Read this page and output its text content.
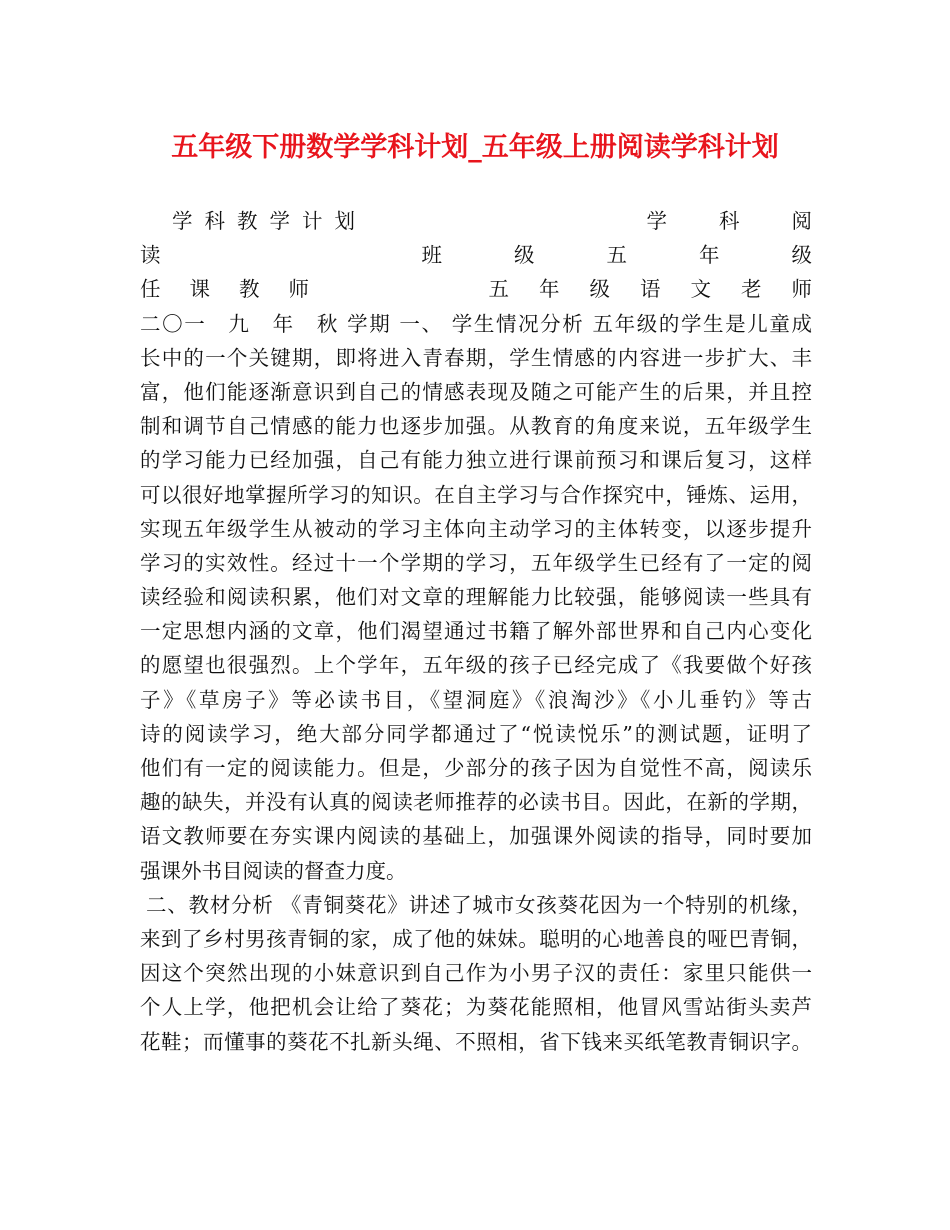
五年级下册数学学科计划_五年级上册阅读学科计划
学科教学计划	学科阅
读	班级五年级
任课教师	五年级语文老师
二〇一　九　年　秋 学期 一、 学生情况分析 五年级的学生是儿童成
长中的一个关键期，即将进入青春期，学生情感的内容进一步扩大、丰
富，他们能逐渐意识到自己的情感表现及随之可能产生的后果，并且控
制和调节自己情感的能力也逐步加强。从教育的角度来说，五年级学生
的学习能力已经加强，自己有能力独立进行课前预习和课后复习，这样
可以很好地掌握所学习的知识。在自主学习与合作探究中，锤炼、运用，
实现五年级学生从被动的学习主体向主动学习的主体转变，以逐步提升
学习的实效性。经过十一个学期的学习，五年级学生已经有了一定的阅
读经验和阅读积累，他们对文章的理解能力比较强，能够阅读一些具有
一定思想内涵的文章，他们渴望通过书籍了解外部世界和自己内心变化
的愿望也很强烈。上个学年，五年级的孩子已经完成了《我要做个好孩
子》《草房子》等必读书目，《望洞庭》《浪淘沙》《小儿垂钓》等古
诗的阅读学习，绝大部分同学都通过了“悦读悦乐”的测试题，证明了
他们有一定的阅读能力。但是，少部分的孩子因为自觉性不高，阅读乐
趣的缺失，并没有认真的阅读老师推荐的必读书目。因此，在新的学期，
语文教师要在夯实课内阅读的基础上，加强课外阅读的指导，同时要加
强课外书目阅读的督查力度。
二、教材分析 《青铜葵花》讲述了城市女孩葵花因为一个特别的机缘，
来到了乡村男孩青铜的家，成了他的妹妹。聪明的心地善良的哑巴青铜，
因这个突然出现的小妹意识到自己作为小男子汉的责任：家里只能供一
个人上学，他把机会让给了葵花；为葵花能照相，他冒风雪站街头卖芦
花鞋；而懂事的葵花不扎新头绳、不照相，省下钱来买纸笔教青铜识字。
